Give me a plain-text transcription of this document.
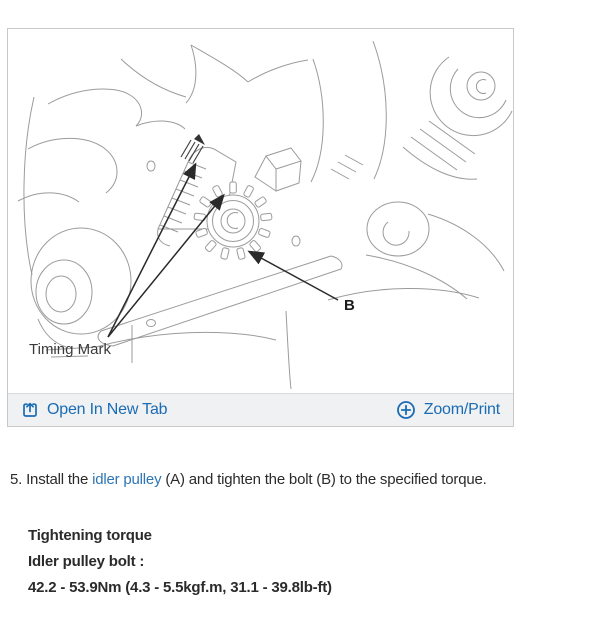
Timing Mark
B
Open In New Tab	Zoom/Print
5. Install the idler pulley (A) and tighten the bolt (B) to the specified torque.
Tightening torque
Idler pulley bolt :
42.2 - 53.9Nm (4.3 - 5.5kgf.m, 31.1 - 39.8lb-ft)
